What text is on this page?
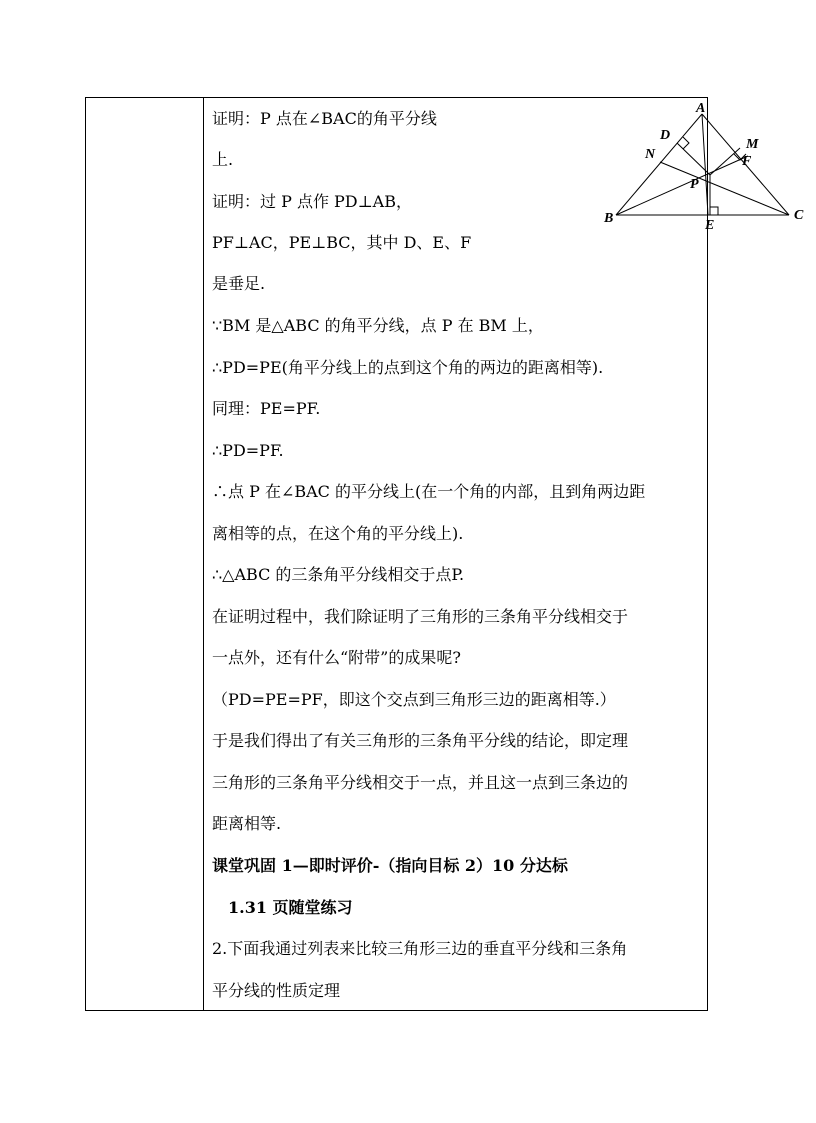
证明：P 点在∠BAC的角平分线
上.
证明：过 P 点作 PD⊥AB，
PF⊥AC，PE⊥BC，其中 D、E、F
是垂足.
∵BM 是△ABC 的角平分线，点 P 在 BM 上，
∴PD=PE(角平分线上的点到这个角的两边的距离相等).
同理：PE=PF.
∴PD=PF.
∴点 P 在∠BAC 的平分线上(在一个角的内部，且到角两边距
离相等的点，在这个角的平分线上).
∴△ABC 的三条角平分线相交于点P.
在证明过程中，我们除证明了三角形的三条角平分线相交于
一点外，还有什么“附带”的成果呢?
（PD=PE=PF，即这个交点到三角形三边的距离相等.）
于是我们得出了有关三角形的三条角平分线的结论，即定理
三角形的三条角平分线相交于一点，并且这一点到三条边的
距离相等.
课堂巩固 1—即时评价-（指向目标 2）10 分达标
1.31 页随堂练习
2.下面我通过列表来比较三角形三边的垂直平分线和三条角
平分线的性质定理
A
B	C
D
E
F
M
N
P
